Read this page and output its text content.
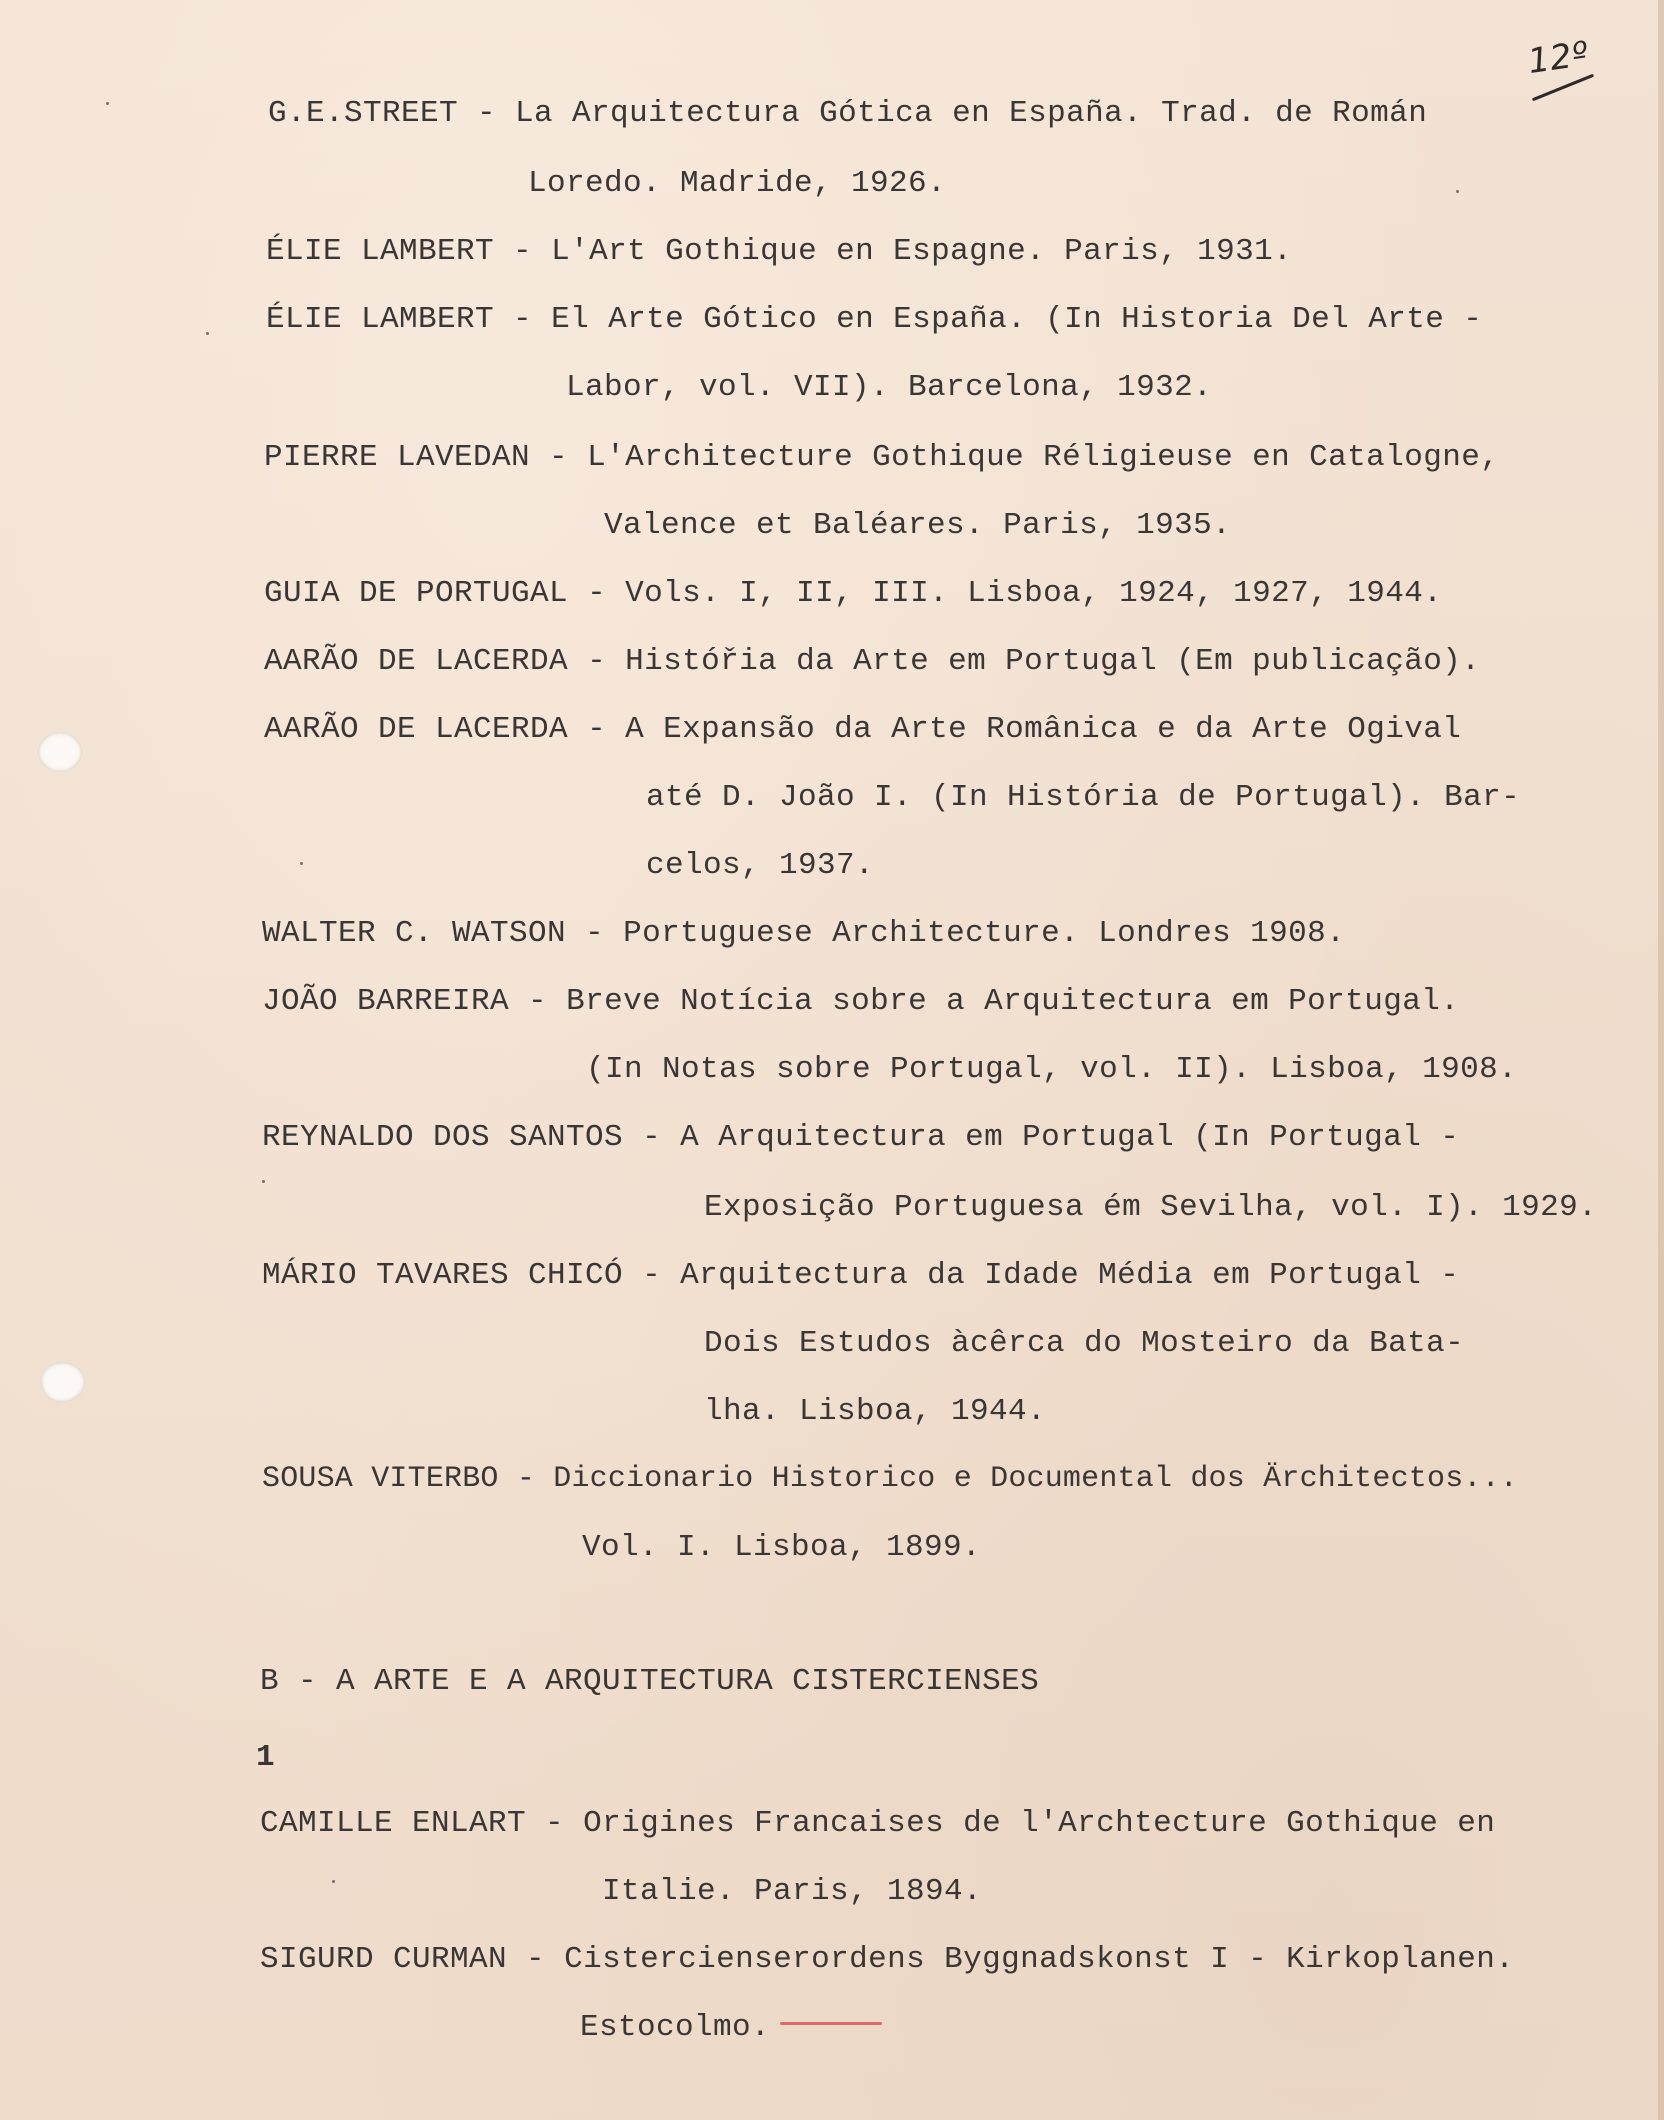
12º
G.E.STREET - La Arquitectura Gótica en España. Trad. de Román
Loredo. Madride, 1926.
ÉLIE LAMBERT - L'Art Gothique en Espagne. Paris, 1931.
ÉLIE LAMBERT - El Arte Gótico en España. (In Historia Del Arte -
Labor, vol. VII). Barcelona, 1932.
PIERRE LAVEDAN - L'Architecture Gothique Réligieuse en Catalogne,
Valence et Baléares. Paris, 1935.
GUIA DE PORTUGAL - Vols. I, II, III. Lisboa, 1924, 1927, 1944.
AARÃO DE LACERDA - Históřia da Arte em Portugal (Em publicação).
AARÃO DE LACERDA - A Expansão da Arte Românica e da Arte Ogival
até D. João I. (In História de Portugal). Bar-
celos, 1937.
WALTER C. WATSON - Portuguese Architecture. Londres 1908.
JOÃO BARREIRA - Breve Notícia sobre a Arquitectura em Portugal.
(In Notas sobre Portugal, vol. II). Lisboa, 1908.
REYNALDO DOS SANTOS - A Arquitectura em Portugal (In Portugal -
Exposição Portuguesa ém Sevilha, vol. I). 1929.
MÁRIO TAVARES CHICÓ - Arquitectura da Idade Média em Portugal -
Dois Estudos àcêrca do Mosteiro da Bata-
lha. Lisboa, 1944.
SOUSA VITERBO - Diccionario Historico e Documental dos Ärchitectos...
Vol. I. Lisboa, 1899.
B - A ARTE E A ARQUITECTURA CISTERCIENSES
1
CAMILLE ENLART - Origines Francaises de l'Archtecture Gothique en
Italie. Paris, 1894.
SIGURD CURMAN - Cistercienserordens Byggnadskonst I - Kirkoplanen.
Estocolmo.
